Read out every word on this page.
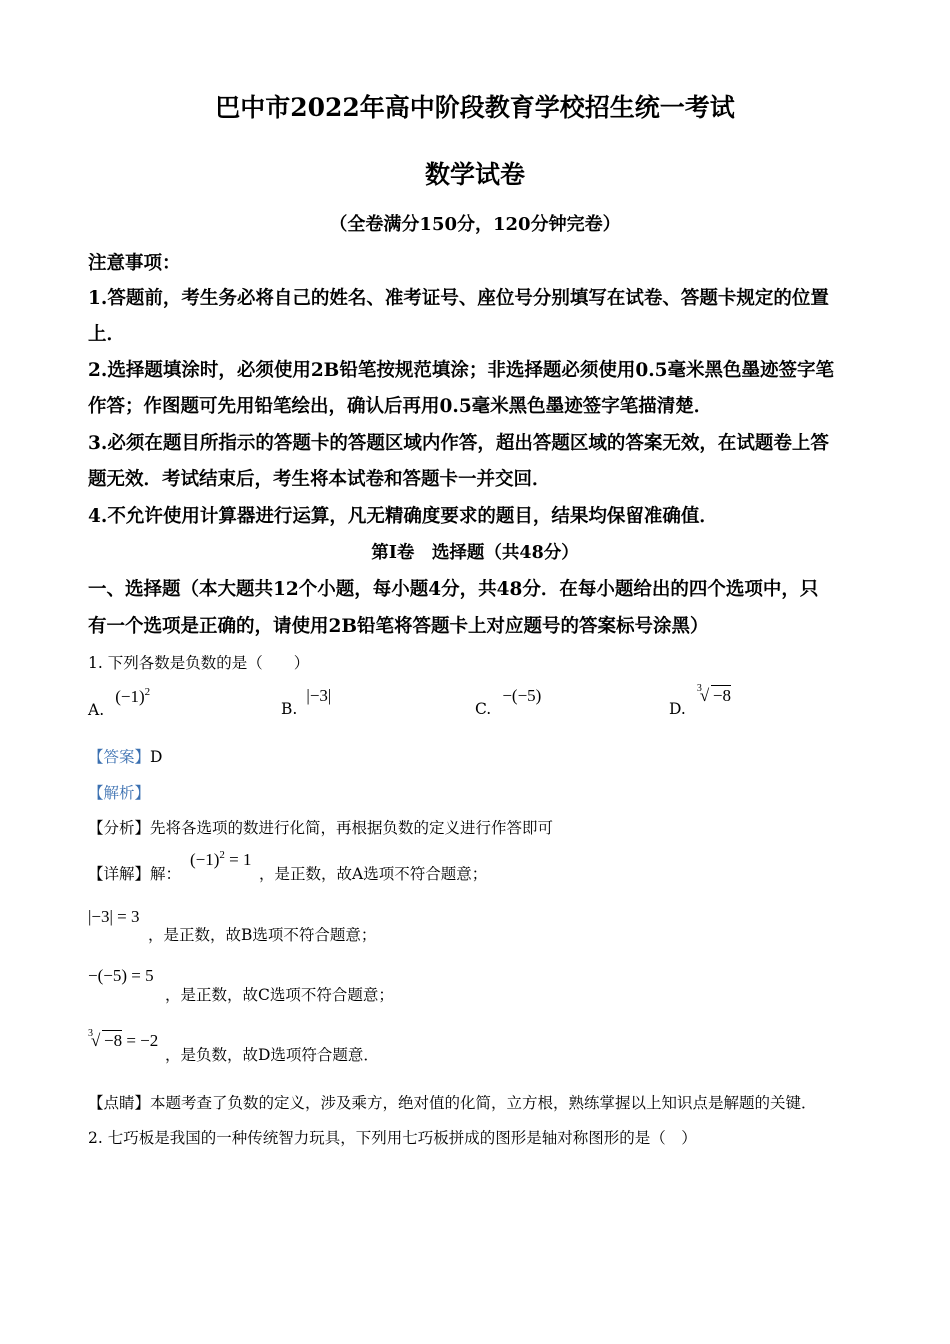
巴中市2022年高中阶段教育学校招生统一考试
数学试卷
（全卷满分150分，120分钟完卷）
注意事项：
1.答题前，考生务必将自己的姓名、准考证号、座位号分别填写在试卷、答题卡规定的位置
上．
2.选择题填涂时，必须使用2B铅笔按规范填涂；非选择题必须使用0.5毫米黑色墨迹签字笔
作答；作图题可先用铅笔绘出，确认后再用0.5毫米黑色墨迹签字笔描清楚．
3.必须在题目所指示的答题卡的答题区域内作答，超出答题区域的答案无效，在试题卷上答
题无效．考试结束后，考生将本试卷和答题卡一并交回．
4.不允许使用计算器进行运算，凡无精确度要求的题目，结果均保留准确值．
第Ⅰ卷　选择题（共48分）
一、选择题（本大题共12个小题，每小题4分，共48分．在每小题给出的四个选项中，只
有一个选项是正确的，请使用2B铅笔将答题卡上对应题号的答案标号涂黑）
1. 下列各数是负数的是（　　）
A. $(-1)^2$
B. |−3|
C. −(−5)
D.
3
√ −8
【答案】D
【解析】
【分析】先将各选项的数进行化简，再根据负数的定义进行作答即可
【详解】解：
$(-1)^2 = 1$
，是正数，故A选项不符合题意；
|−3| = 3
，是正数，故B选项不符合题意；
−(−5) = 5
，是正数，故C选项不符合题意；
3
√ −8 = −2
，是负数，故D选项符合题意．
【点睛】本题考查了负数的定义，涉及乘方，绝对值的化简，立方根，熟练掌握以上知识点是解题的关键．
2. 七巧板是我国的一种传统智力玩具，下列用七巧板拼成的图形是轴对称图形的是（　）
